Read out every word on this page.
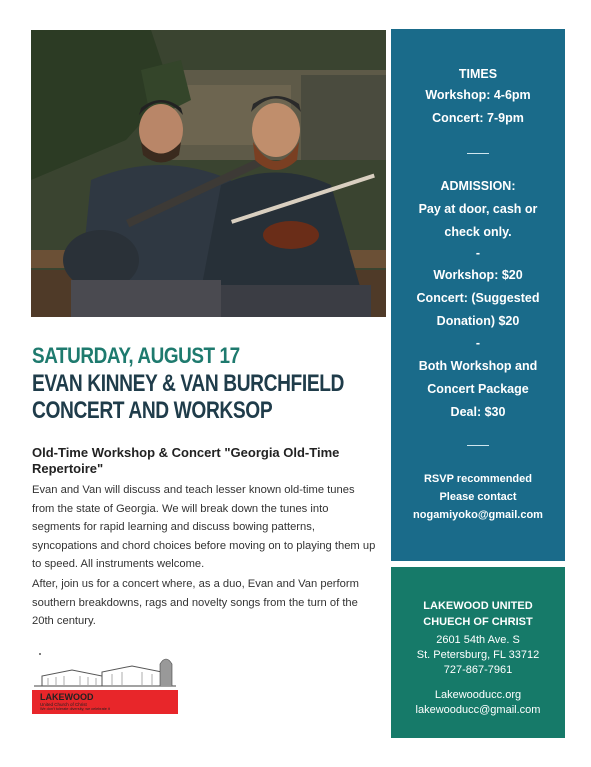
SATURDAY, AUGUST 17
EVAN KINNEY & VAN BURCHFIELD
CONCERT AND WORKSOP
Old-Time Workshop & Concert "Georgia Old-Time Repertoire"

Evan and Van will discuss and teach lesser known old-time tunes from the state of Georgia. We will break down the tunes into segments for rapid learning and discuss bowing patterns, syncopations and chord choices before moving on to playing them up to speed. All instruments welcome.

After, join us for a concert where, as a duo, Evan and Van perform southern breakdowns, rags and novelty songs from the turn of the 20th century.

LAKEWOOD
United Church of Christ
We don't tolerate diversity, we celebrate it
TIMES
Workshop: 4-6pm
Concert: 7-9pm
ADMISSION:
Pay at door, cash or
check only.
-
Workshop: $20
Concert: (Suggested
Donation) $20
-
Both Workshop and
Concert Package
Deal: $30
RSVP recommended
Please contact
nogamiyoko@gmail.com
LAKEWOOD UNITED
CHUECH OF CHRIST
2601 54th Ave. S
St. Petersburg, FL 33712
727-867-7961
Lakewooducc.org
lakewooducc@gmail.com
